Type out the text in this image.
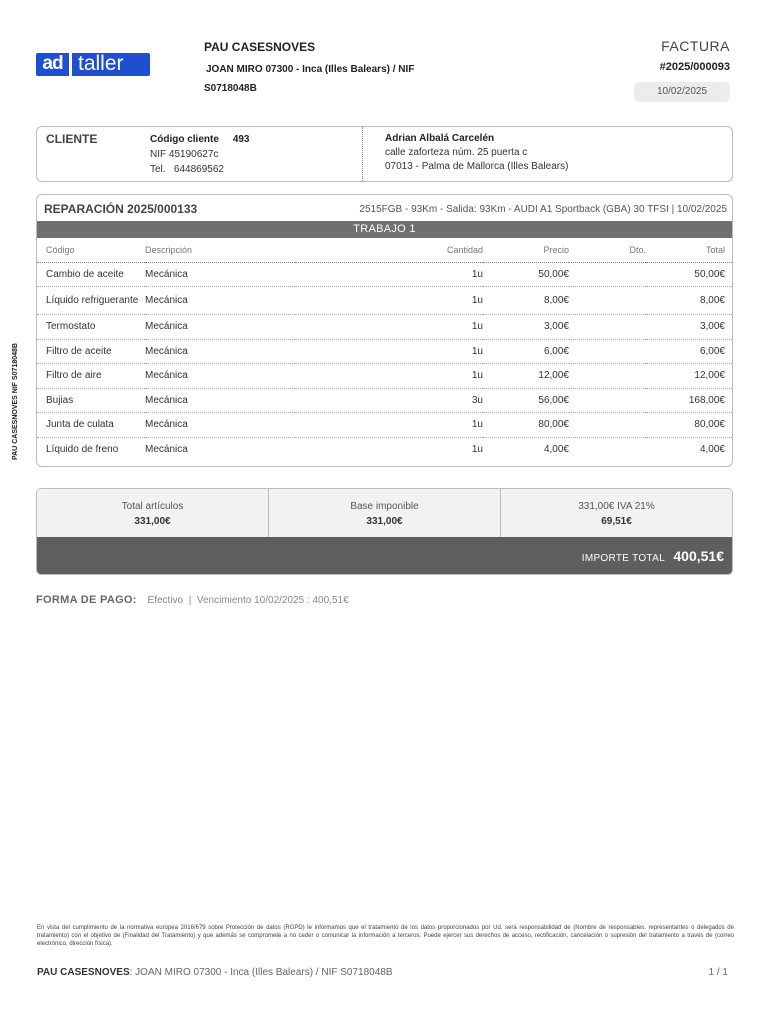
ad taller
PAU CASESNOVES
JOAN MIRO 07300 - Inca (Illes Balears) / NIF
S0718048B
FACTURA
#2025/000093
10/02/2025
CLIENTE	Código cliente 493
NIF 45190627c
Tel. 644869562
Adrian Albalá Carcelén
calle zaforteza núm. 25 puerta c
07013 - Palma de Mallorca (Illes Balears)
REPARACIÓN 2025/000133	2515FGB - 93Km - Salida: 93Km - AUDI A1 Sportback (GBA) 30 TFSI | 10/02/2025
TRABAJO 1
Código	Descripción	Cantidad	Precio	Dto.	Total
Cambio de aceite	Mecánica	1u	50,00€		50,00€
Líquido refriguerante	Mecánica	1u	8,00€		8,00€
Termostato	Mecánica	1u	3,00€		3,00€
Filtro de aceite	Mecánica	1u	6,00€		6,00€
Filtro de aire	Mecánica	1u	12,00€		12,00€
Bujias	Mecánica	3u	56,00€		168,00€
Junta de culata	Mecánica	1u	80,00€		80,00€
Líquido de freno	Mecánica	1u	4,00€		4,00€
Total artículos
331,00€
Base imponible
331,00€
331,00€ IVA 21%
69,51€
IMPORTE TOTAL 400,51€
FORMA DE PAGO: Efectivo | Vencimiento 10/02/2025 : 400,51€
PAU CASESNOVES NIF S0718048B
En vista del cumplimiento de la normativa europea 2016/679 sobre Protección de datos (RGPD) le informamos que el tratamiento de los datos proporcionados por Ud. será responsabilidad de (Nombre de responsables, representantes o delegados de tratamiento) con el objetivo de (Finalidad del Tratamiento) y que además se compromete a no ceder o comunicar la información a terceros. Puede ejercer sus derechos de acceso, rectificación, cancelación o supresión del tratamiento a través de (correo electrónico, dirección física).
PAU CASESNOVES: JOAN MIRO 07300 - Inca (Illes Balears) / NIF S0718048B	1 / 1
